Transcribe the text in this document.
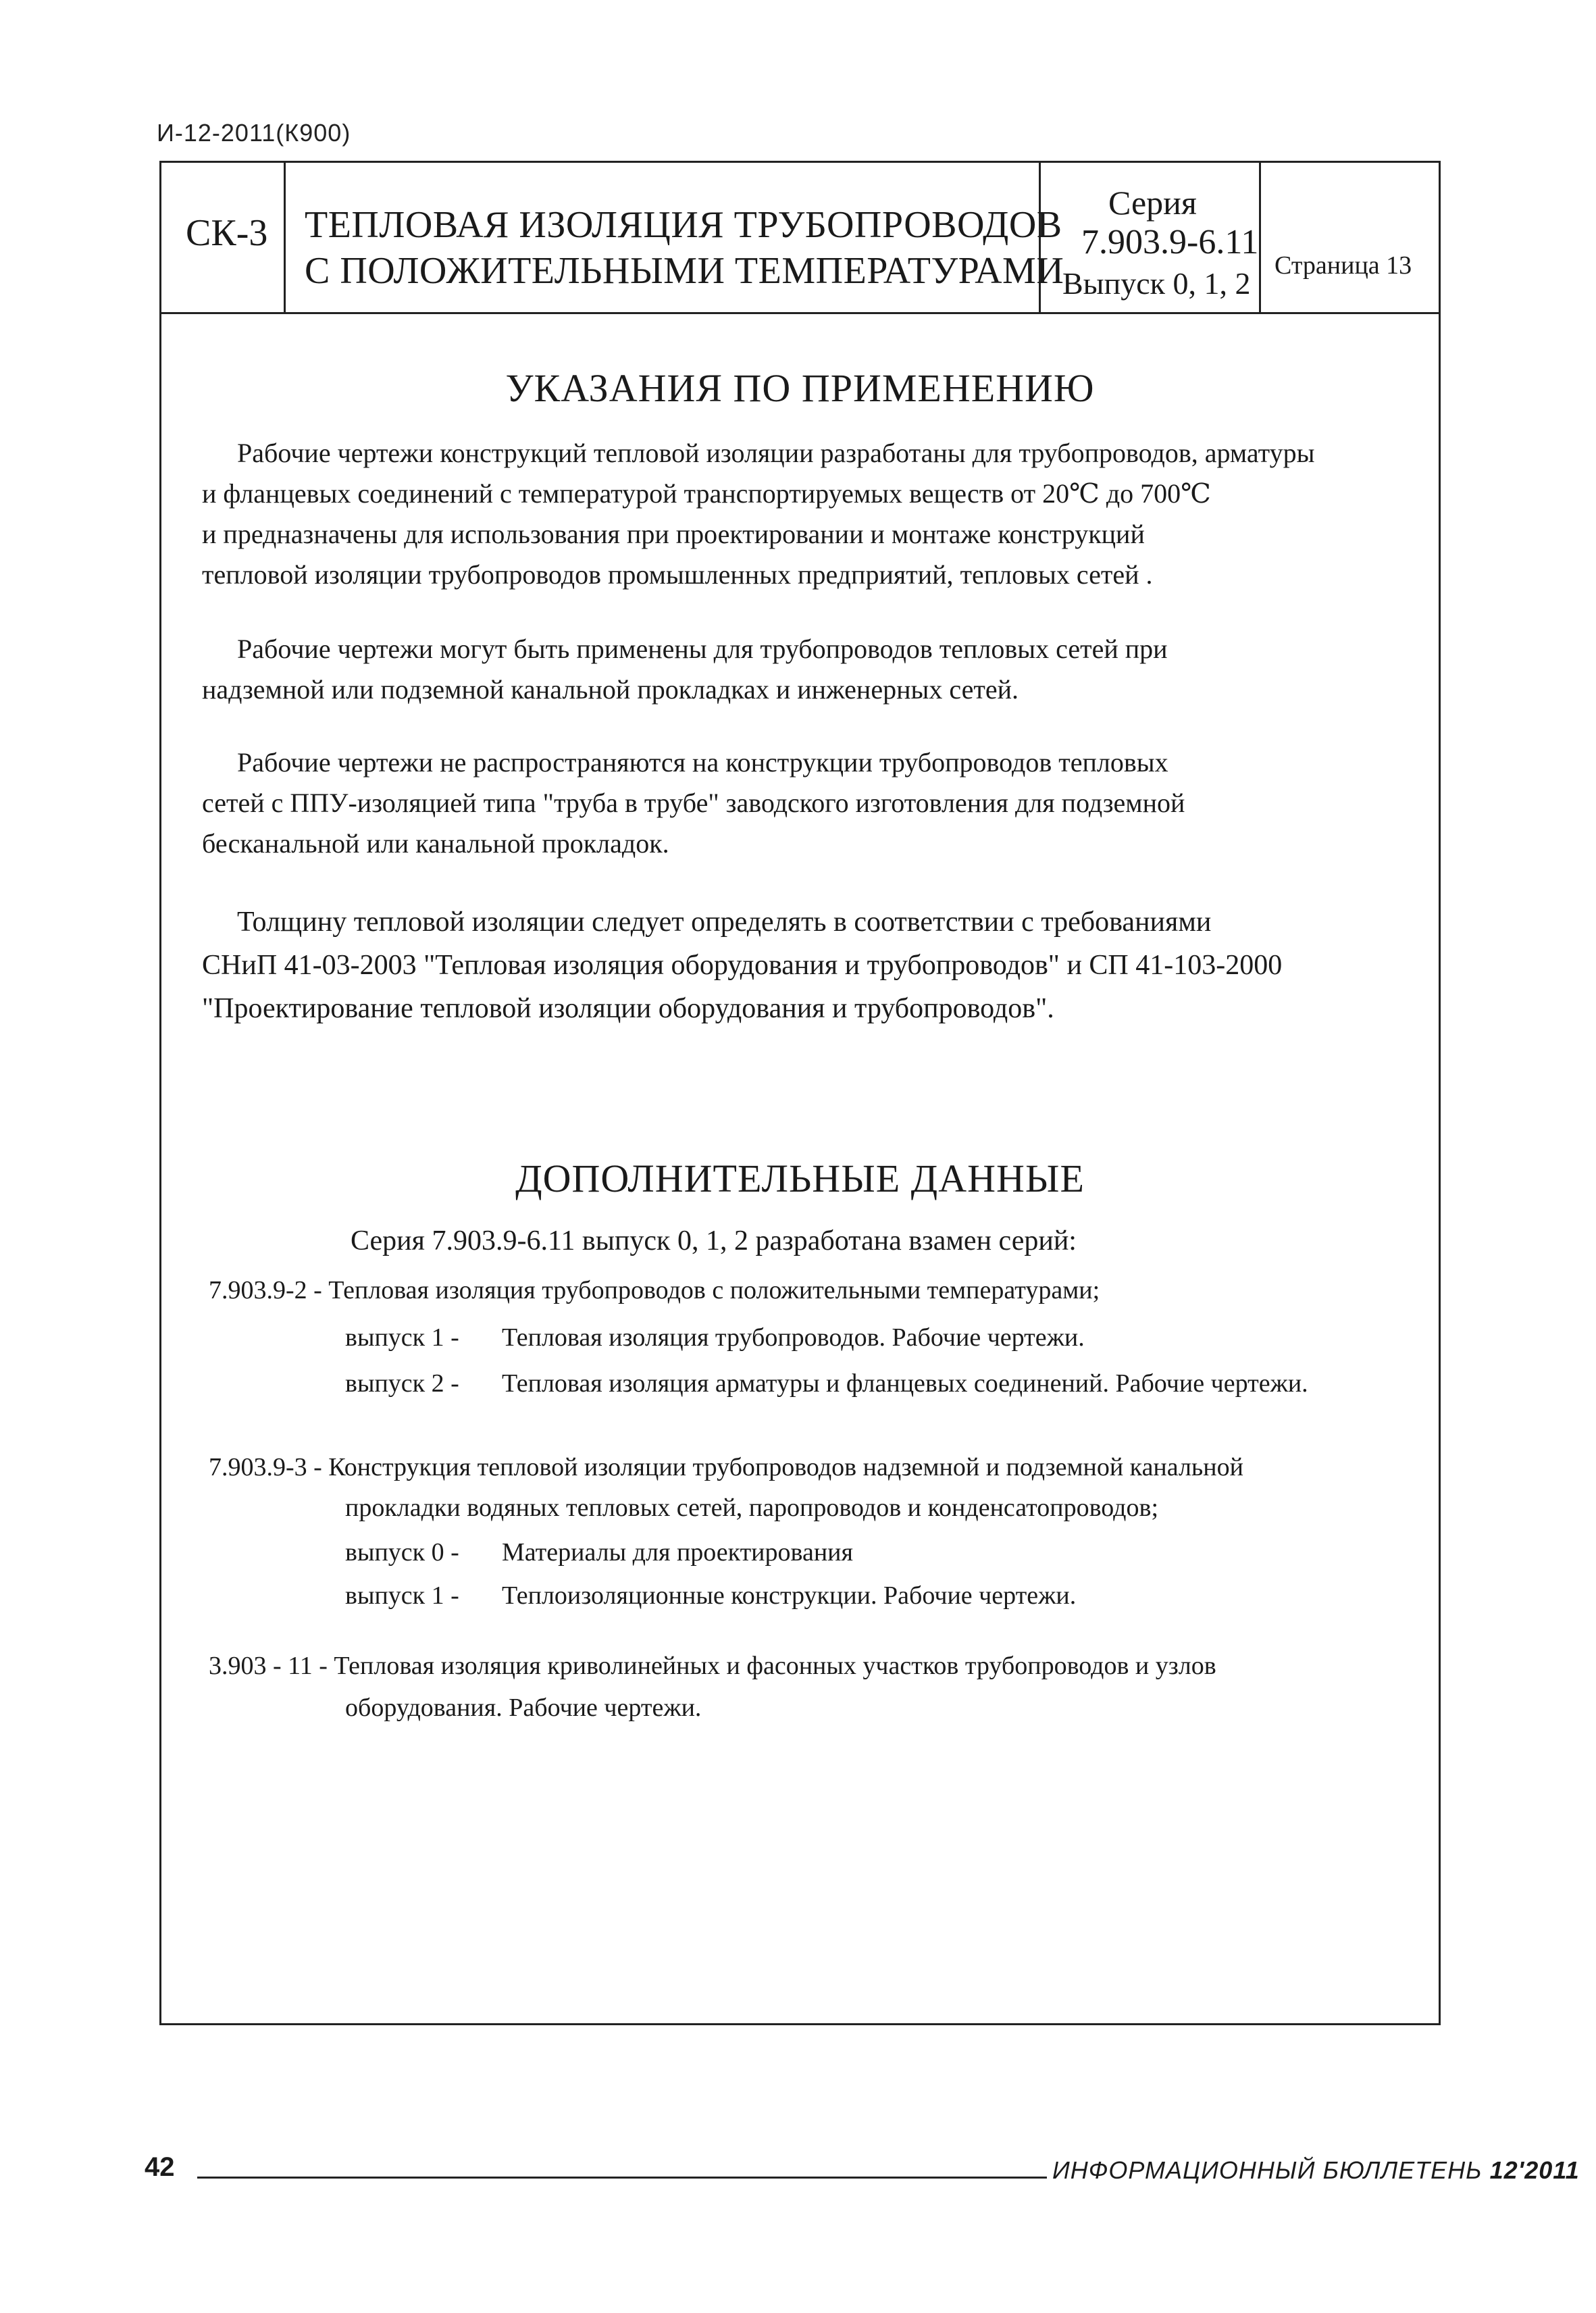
И-12-2011(К900)
СК-3 ТЕПЛОВАЯ ИЗОЛЯЦИЯ ТРУБОПРОВОДОВ
С ПОЛОЖИТЕЛЬНЫМИ ТЕМПЕРАТУРАМИ
Серия
7.903.9-6.11
Выпуск 0, 1, 2
Страница 13
УКАЗАНИЯ ПО ПРИМЕНЕНИЮ
Рабочие чертежи конструкций тепловой изоляции разработаны для трубопроводов, арматуры
и фланцевых соединений с температурой транспортируемых веществ от 20℃ до 700℃
и предназначены для использования при проектировании и монтаже конструкций
тепловой изоляции трубопроводов промышленных предприятий, тепловых сетей .
Рабочие чертежи могут быть применены для трубопроводов тепловых сетей при
надземной или подземной канальной прокладках и инженерных сетей.
Рабочие чертежи не распространяются на конструкции трубопроводов тепловых
сетей с ППУ-изоляцией типа "труба в трубе" заводского изготовления для подземной
бесканальной или канальной прокладок.
Толщину тепловой изоляции следует определять в соответствии с требованиями
СНиП 41-03-2003 "Тепловая изоляция оборудования и трубопроводов" и СП 41-103-2000
"Проектирование тепловой изоляции оборудования и трубопроводов".
ДОПОЛНИТЕЛЬНЫЕ ДАННЫЕ
Серия 7.903.9-6.11 выпуск 0, 1, 2 разработана взамен серий:
7.903.9-2 - Тепловая изоляция трубопроводов с положительными температурами;
выпуск 1 - Тепловая изоляция трубопроводов. Рабочие чертежи.
выпуск 2 - Тепловая изоляция арматуры и фланцевых соединений. Рабочие чертежи.
7.903.9-3 - Конструкция тепловой изоляции трубопроводов надземной и подземной канальной
прокладки водяных тепловых сетей, паропроводов и конденсатопроводов;
выпуск 0 - Материалы для проектирования
выпуск 1 - Теплоизоляционные конструкции. Рабочие чертежи.
3.903 - 11 - Тепловая изоляция криволинейных и фасонных участков трубопроводов и узлов
оборудования. Рабочие чертежи.
42	ИНФОРМАЦИОННЫЙ БЮЛЛЕТЕНЬ 12'2011
